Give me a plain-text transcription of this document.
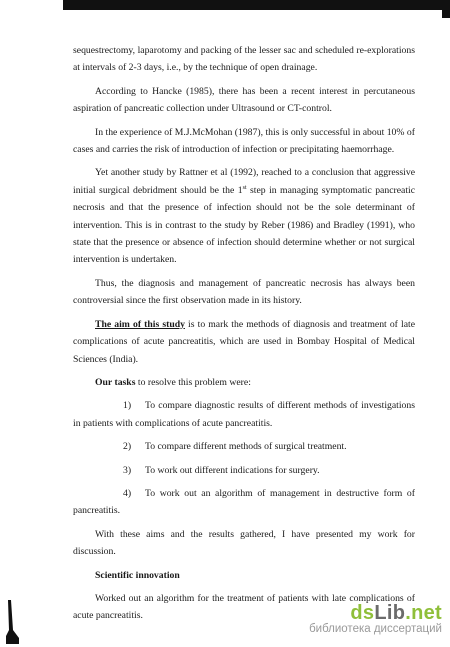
sequestrectomy, laparotomy and packing of the lesser sac and scheduled re-explorations at intervals of 2-3 days, i.e., by the technique of open drainage.

According to Hancke (1985), there has been a recent interest in percutaneous aspiration of pancreatic collection under Ultrasound or CT-control.

In the experience of M.J.McMohan (1987), this is only successful in about 10% of cases and carries the risk of introduction of infection or precipitating haemorrhage.

Yet another study by Rattner et al (1992), reached to a conclusion that aggressive initial surgical debridment should be the 1st step in managing symptomatic pancreatic necrosis and that the presence of infection should not be the sole determinant of intervention. This is in contrast to the study by Reber (1986) and Bradley (1991), who state that the presence or absence of infection should determine whether or not surgical intervention is undertaken.

Thus, the diagnosis and management of pancreatic necrosis has always been controversial since the first observation made in its history.

The aim of this study is to mark the methods of diagnosis and treatment of late complications of acute pancreatitis, which are used in Bombay Hospital of Medical Sciences (India).

Our tasks to resolve this problem were:

1) To compare diagnostic results of different methods of investigations in patients with complications of acute pancreatitis.
2) To compare different methods of surgical treatment.
3) To work out different indications for surgery.
4) To work out an algorithm of management in destructive form of pancreatitis.

With these aims and the results gathered, I have presented my work for discussion.

Scientific innovation

Worked out an algorithm for the treatment of patients with late complications of acute pancreatitis.	dsLib.net
библиотека диссертаций
